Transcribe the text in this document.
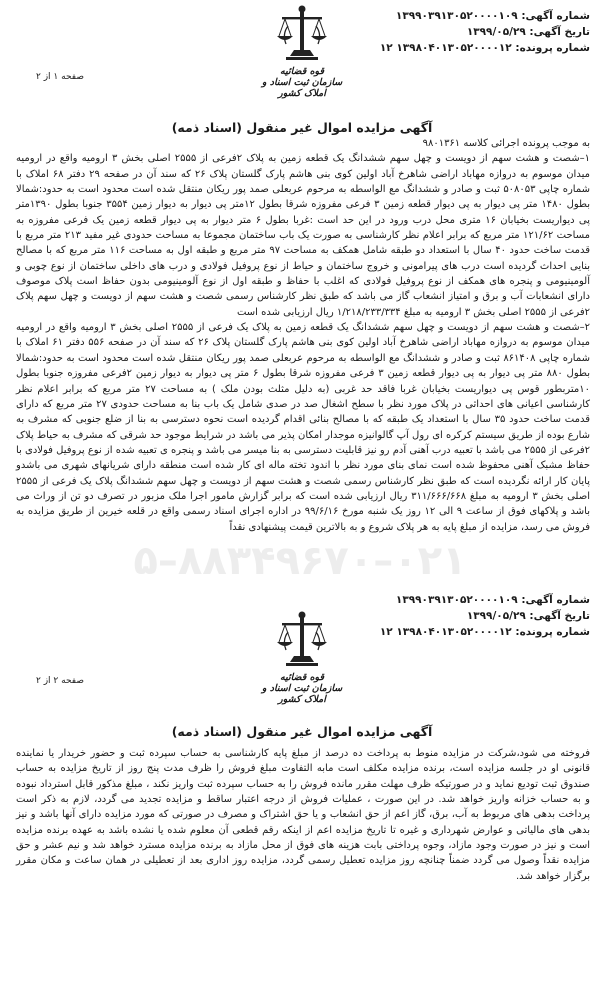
شماره آگهی: ۱۳۹۹۰۳۹۱۳۰۵۲۰۰۰۰۱۰۹
تاریخ آگهی: ۱۳۹۹/۰۵/۲۹
شماره پرونده: ۱۳۹۸۰۴۰۱۳۰۵۲۰۰۰۰۱۲ ۱۲
قوه قضائیه
سازمان ثبت اسناد و املاک کشور
صفحه ۱ از ۲
آگهی مزایده اموال غیر منقول (اسناد ذمه)

به موجب پرونده اجرائی کلاسه ۹۸۰۱۳۶۱

۱–شصت و هشت سهم از دویست و چهل سهم ششدانگ یک قطعه زمین به پلاک ۲فرعی از ۲۵۵۵ اصلی بخش ۳ ارومیه واقع در ارومیه میدان موسوم به دروازه مهاباد اراضی شاهرخ آباد اولین کوی بنی هاشم پارک گلستان پلاک ۲۶ که سند آن در صفحه ۲۹ دفتر ۶۸ املاک با شماره چاپی ۵۰۸۰۵۳ ثبت و صادر و ششدانگ مع الواسطه به مرحوم عربعلی صمد پور ریکان منتقل شده است محدود است به حدود:شمالا بطول ۱۴۸۰ متر پی دیوار به پی دیوار قطعه زمین ۳ فرعی مفروزه شرقا بطول ۱۲متر پی دیوار به دیوار زمین ۳۵۵۴ جنوبا بطول ۱۳۹۰متر پی دیواریست بخیابان ۱۶ متری محل درب ورود در این حد است :غربا بطول ۶ متر دیوار به پی دیوار قطعه زمین یک فرعی مفروزه به مساحت ۱۲۱/۶۲ متر مربع که برابر اعلام نظر کارشناسی به صورت یک باب ساختمان مجموعا به مساحت حدودی غیر مفید ۲۱۳ متر مربع با قدمت ساخت حدود ۴۰ سال با استعداد دو طبقه شامل همکف به مساحت ۹۷ متر مربع و طبقه اول به مساحت ۱۱۶ متر مربع که با مصالح بنایی احداث گردیده است درب های پیرامونی و خروج ساختمان و حیاط از نوع پروفیل فولادی و درب های داخلی ساختمان از نوع چوبی و آلومینیومی و پنجره های همکف از نوع پروفیل فولادی که اغلب با حفاظ و طبقه اول از نوع آلومینیومی بدون حفاظ است پلاک موصوف دارای انشعابات آب و برق و امتیاز انشعاب گاز می باشد که طبق نظر کارشناس رسمی شصت و هشت سهم از دویست و چهل سهم پلاک ۲فرعی از ۲۵۵۵ اصلی بخش ۳ ارومیه به مبلغ ۱/۲۱۸/۲۳۳/۳۳۴ ریال ارزیابی شده است

۲–شصت و هشت سهم از دویست و چهل سهم ششدانگ یک قطعه زمین به پلاک یک فرعی از ۲۵۵۵ اصلی بخش ۳ ارومیه واقع در ارومیه میدان موسوم به دروازه مهاباد اراضی شاهرخ آباد اولین کوی بنی هاشم پارک گلستان پلاک ۲۶ که سند آن در صفحه ۵۵۶ دفتر ۶۱ املاک با شماره چاپی ۸۶۱۴۰۸ ثبت و صادر و ششدانگ مع الواسطه به مرحوم عربعلی صمد پور ریکان منتقل شده است محدود است به حدود:شمالا بطول ۸۸۰ متر پی دیوار به پی دیوار قطعه زمین ۳ فرعی مفروزه شرقا بطول ۶ متر پی دیوار به دیوار زمین ۲فرعی مفروزه جنوبا بطول ۱۰متربطور قوس پی دیواریست بخیابان غربا فاقد حد غربی (به دلیل مثلث بودن ملک ) به مساحت ۲۷ متر مربع که برابر اعلام نظر کارشناسی اعیانی های احداثی در پلاک مورد نظر با سطح اشغال صد در صدی شامل یک باب بنا به مساحت حدودی ۲۷ متر مربع که دارای قدمت ساخت حدود ۳۵ سال با استعداد یک طبقه که با مصالح بنائی اقدام گردیده است نحوه دسترسی به بنا از ضلع جنوبی که مشرف به شارع بوده از طریق سیستم کرکره ای رول آپ گالوانیزه موجدار امکان پذیر می باشد در شرایط موجود حد شرقی که مشرف به حیاط پلاک ۲فرعی از ۲۵۵۵ می باشد با تعبیه درب آهنی آدم رو نیز قابلیت دسترسی به بنا میسر می باشد و پنجره ی تعبیه شده از نوع پروفیل فولادی با حفاظ مشبک آهنی محفوظ شده است نمای بنای مورد نظر با اندود تخته ماله ای کار شده است منطقه دارای شریانهای شهری می باشدو پایان کار ارائه نگردیده است که طبق نظر کارشناس رسمی شصت و هشت سهم از دویست و چهل سهم ششدانگ پلاک یک فرعی از ۲۵۵۵ اصلی بخش ۳ ارومیه به مبلغ ۳۱۱/۶۶۶/۶۶۸ ریال ارزیابی شده است که برابر گزارش مامور اجرا ملک مزبور در تصرف دو تن از وراث می باشد و پلاکهای فوق از ساعت ۹ الی ۱۲ روز یک شنبه مورخ ۹۹/۶/۱۶ در اداره اجرای اسناد رسمی واقع در قلعه خیرین از طریق مزایده به فروش می رسد، مزایده از مبلغ پایه به هر پلاک شروع و به بالاترین قیمت پیشنهادی نقداً

۰۲۱–۸۸۳۴۹۶۷۰–۵
شماره آگهی: ۱۳۹۹۰۳۹۱۳۰۵۲۰۰۰۰۱۰۹
تاریخ آگهی: ۱۳۹۹/۰۵/۲۹
شماره پرونده: ۱۳۹۸۰۴۰۱۳۰۵۲۰۰۰۰۱۲ ۱۲
قوه قضائیه
سازمان ثبت اسناد و املاک کشور
صفحه ۲ از ۲
آگهی مزایده اموال غیر منقول (اسناد ذمه)

فروخته می شود،شرکت در مزایده منوط به پرداخت ده درصد از مبلغ پایه کارشناسی به حساب سپرده ثبت و حضور خریدار یا نماینده قانونی او در جلسه مزایده است، برنده مزایده مکلف است مابه التفاوت مبلغ فروش را ظرف مدت پنج روز از تاریخ مزایده به حساب صندوق ثبت تودیع نماید و در صورتیکه ظرف مهلت مقرر مانده فروش را به حساب سپرده ثبت واریز نکند ، مبلغ مذکور قابل استرداد نبوده و به حساب خزانه واریز خواهد شد. در این صورت ، عملیات فروش از درجه اعتبار ساقط و مزایده تجدید می گردد، لازم به ذکر است پرداخت بدهی های مربوط به آب، برق، گاز اعم از حق انشعاب و یا حق اشتراک و مصرف در صورتی که مورد مزایده دارای آنها باشد و نیز بدهی های مالیاتی و عوارض شهرداری و غیره تا تاریخ مزایده اعم از اینکه رقم قطعی آن معلوم شده یا نشده باشد به عهده برنده مزایده است و نیز در صورت وجود مازاد، وجوه پرداختی بابت هزینه های فوق از محل مازاد به برنده مزایده مسترد خواهد شد و نیم عشر و حق مزایده نقداً وصول می گردد ضمناً چنانچه روز مزایده تعطیل رسمی گردد، مزایده روز اداری بعد از تعطیلی در همان ساعت و مکان مقرر برگزار خواهد شد.
